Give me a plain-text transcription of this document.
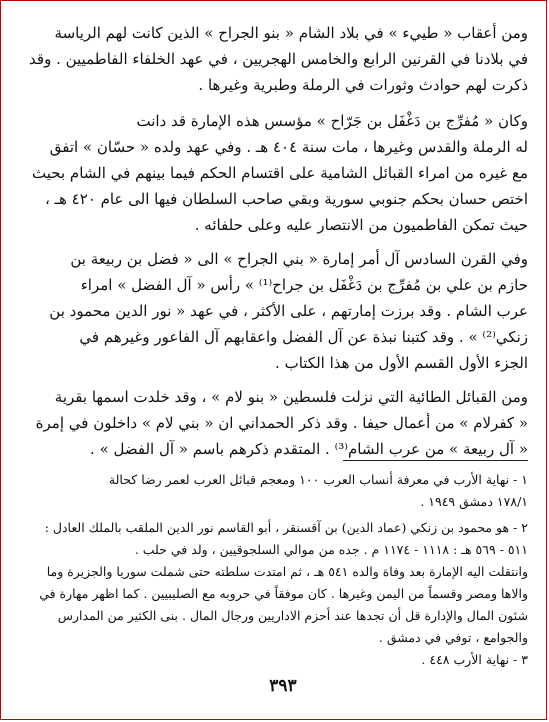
ومن أعقاب « طييء » في بلاد الشام « بنو الجراح » الذين كانت لهم الرياسة
في بلادنا في القرنين الرابع والخامس الهجريين ، في عهد الخلفاء الفاطميين . وقد
ذكرت لهم حوادث وثورات في الرملة وطبرية وغيرها .
وكان « مُفرِّج بن دَغْفَل بن جَرّاح » مؤسس هذه الإمارة قد دانت
له الرملة والقدس وغيرها ، مات سنة ٤٠٤ هـ . وفي عهد ولده « حسّان » اتفق
مع غيره من امراء القبائل الشامية على اقتسام الحكم فيما بينهم في الشام بحيث
اختص حسان بحكم جنوبي سورية وبقي صاحب السلطان فيها الى عام ٤٢٠ هـ ،
حيث تمكن الفاطميون من الانتصار عليه وعلى حلفائه .
وفي القرن السادس آل أمر إمارة « بني الجراح » الى « فضل بن ربيعة بن
حازم بن علي بن مُفرِّج بن دَغْفَل بن جراح⁽¹⁾ » رأس « آل الفضل » امراء
عرب الشام . وقد برزت إمارتهم ، على الأكثر ، في عهد « نور الدين محمود بن
زنكي⁽²⁾ » . وقد كتبنا نبذة عن آل الفضل واعقابهم آل الفاعور وغيرهم في
الجزء الأول القسم الأول من هذا الكتاب .
ومن القبائل الطائية التي نزلت فلسطين « بنو لام » ، وقد خلدت اسمها بقرية
« كفرلام » من أعمال حيفا . وقد ذكر الحمداني ان « بني لام » داخلون في إمرة
« آل ربيعة » من عرب الشام⁽³⁾ . المتقدم ذكرهم باسم « آل الفضل » .
١ - نهاية الأرب في معرفة أنساب العرب ١٠٠ ومعجم قبائل العرب لعمر رضا كحالة
١٧٨/١ دمشق ١٩٤٩ .
٢ - هو محمود بن زنكي (عماد الدين) بن آقسنقر ، أبو القاسم نور الدين الملقب بالملك العادل :
٥١١ - ٥٦٩ هـ : ١١١٨ - ١١٧٤ م . جده من موالي السلجوقيين ، ولد في حلب .
وانتقلت اليه الإمارة بعد وفاة والده ٥٤١ هـ ، ثم امتدت سلطته حتى شملت سوريا والجزيرة وما
والاها ومصر وقسماً من اليمن وغيرها . كان موفقاً في حروبه مع الصليبيين . كما اظهر مهارة في
شئون المال والإدارة قل أن تجدها عند أحزم الاداريين ورجال المال . بنى الكثير من المدارس
والجوامع ، توفي في دمشق .
٣ - نهاية الأرب ٤٤٨ .
٣٩٣
